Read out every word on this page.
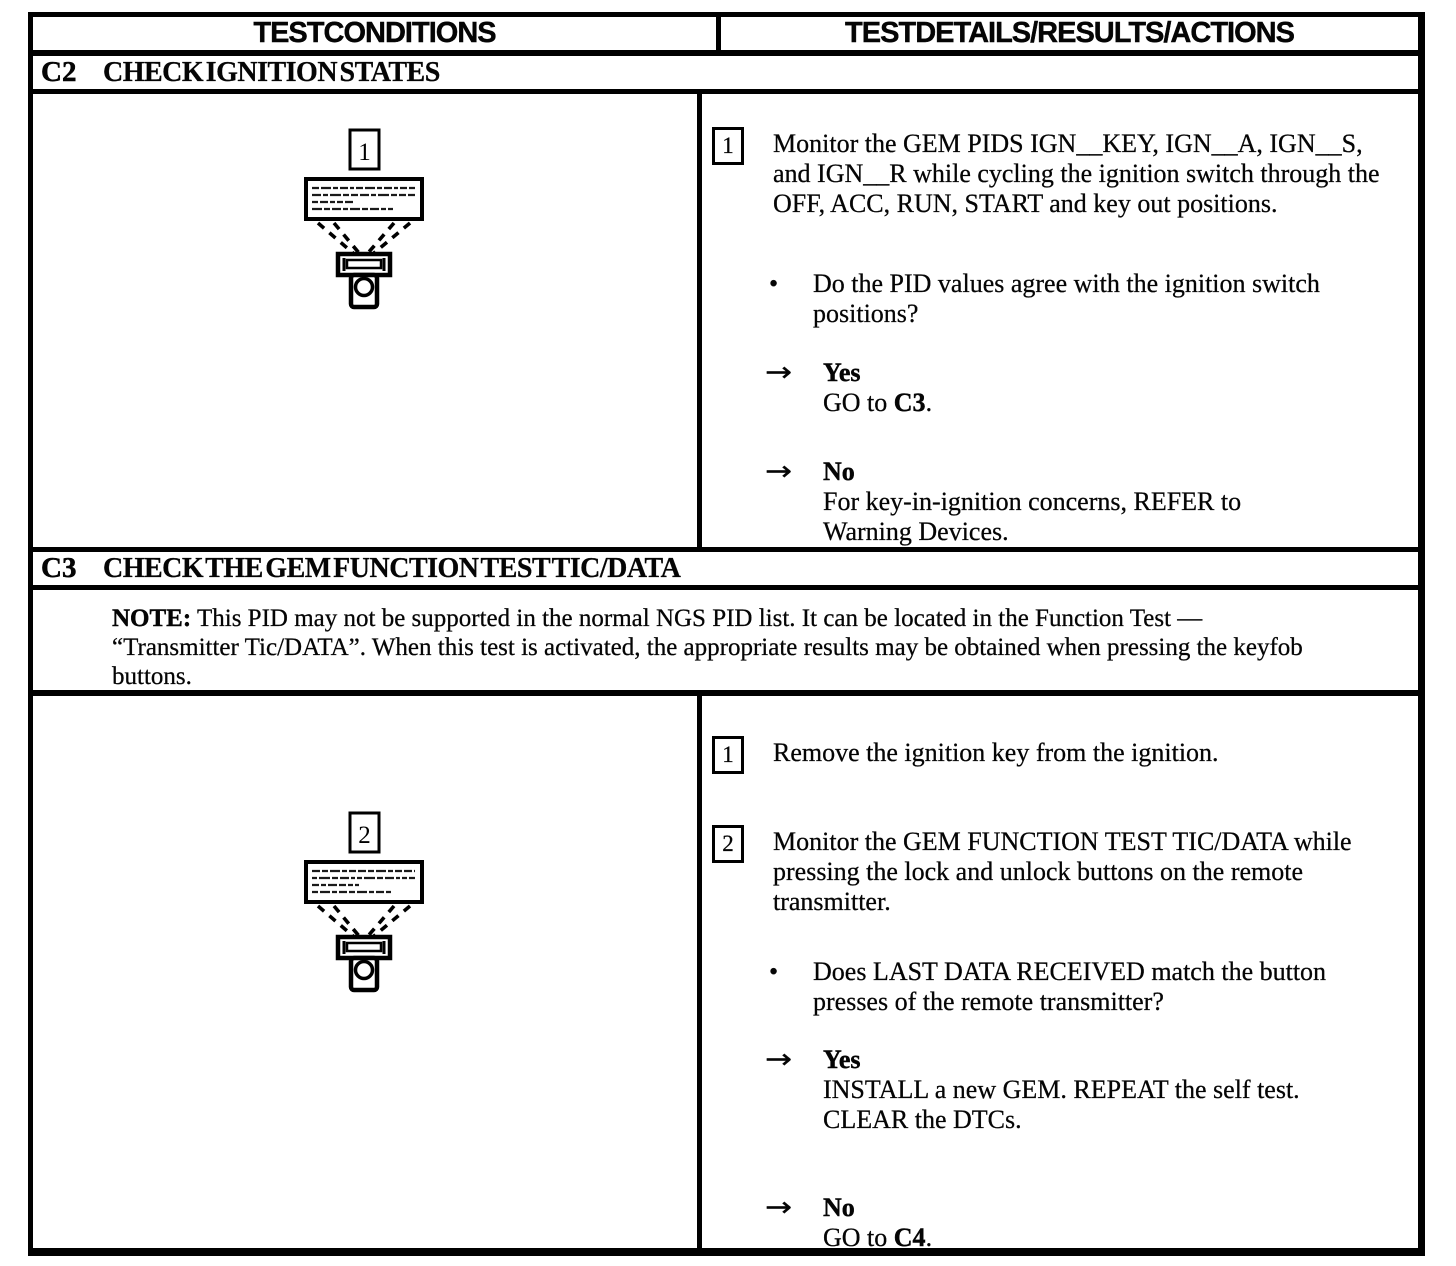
TEST CONDITIONS	TEST DETAILS/RESULTS/ACTIONS
C2 CHECK IGNITION STATES
1	1	Monitor the GEM PIDS IGN__KEY, IGN__A, IGN__S, and IGN__R while cycling the ignition switch through the OFF, ACC, RUN, START and key out positions.
• Do the PID values agree with the ignition switch positions?
→	Yes
GO to C3.
→	No
For key-in-ignition concerns, REFER to Warning Devices.
C3 CHECK THE GEM FUNCTION TEST TIC/DATA
NOTE: This PID may not be supported in the normal NGS PID list. It can be located in the Function Test — “Transmitter Tic/DATA”. When this test is activated, the appropriate results may be obtained when pressing the keyfob buttons.
2
1	Remove the ignition key from the ignition.
2	Monitor the GEM FUNCTION TEST TIC/DATA while pressing the lock and unlock buttons on the remote transmitter.
• Does LAST DATA RECEIVED match the button presses of the remote transmitter?
→	Yes
INSTALL a new GEM. REPEAT the self test. CLEAR the DTCs.
→	No
GO to C4.
